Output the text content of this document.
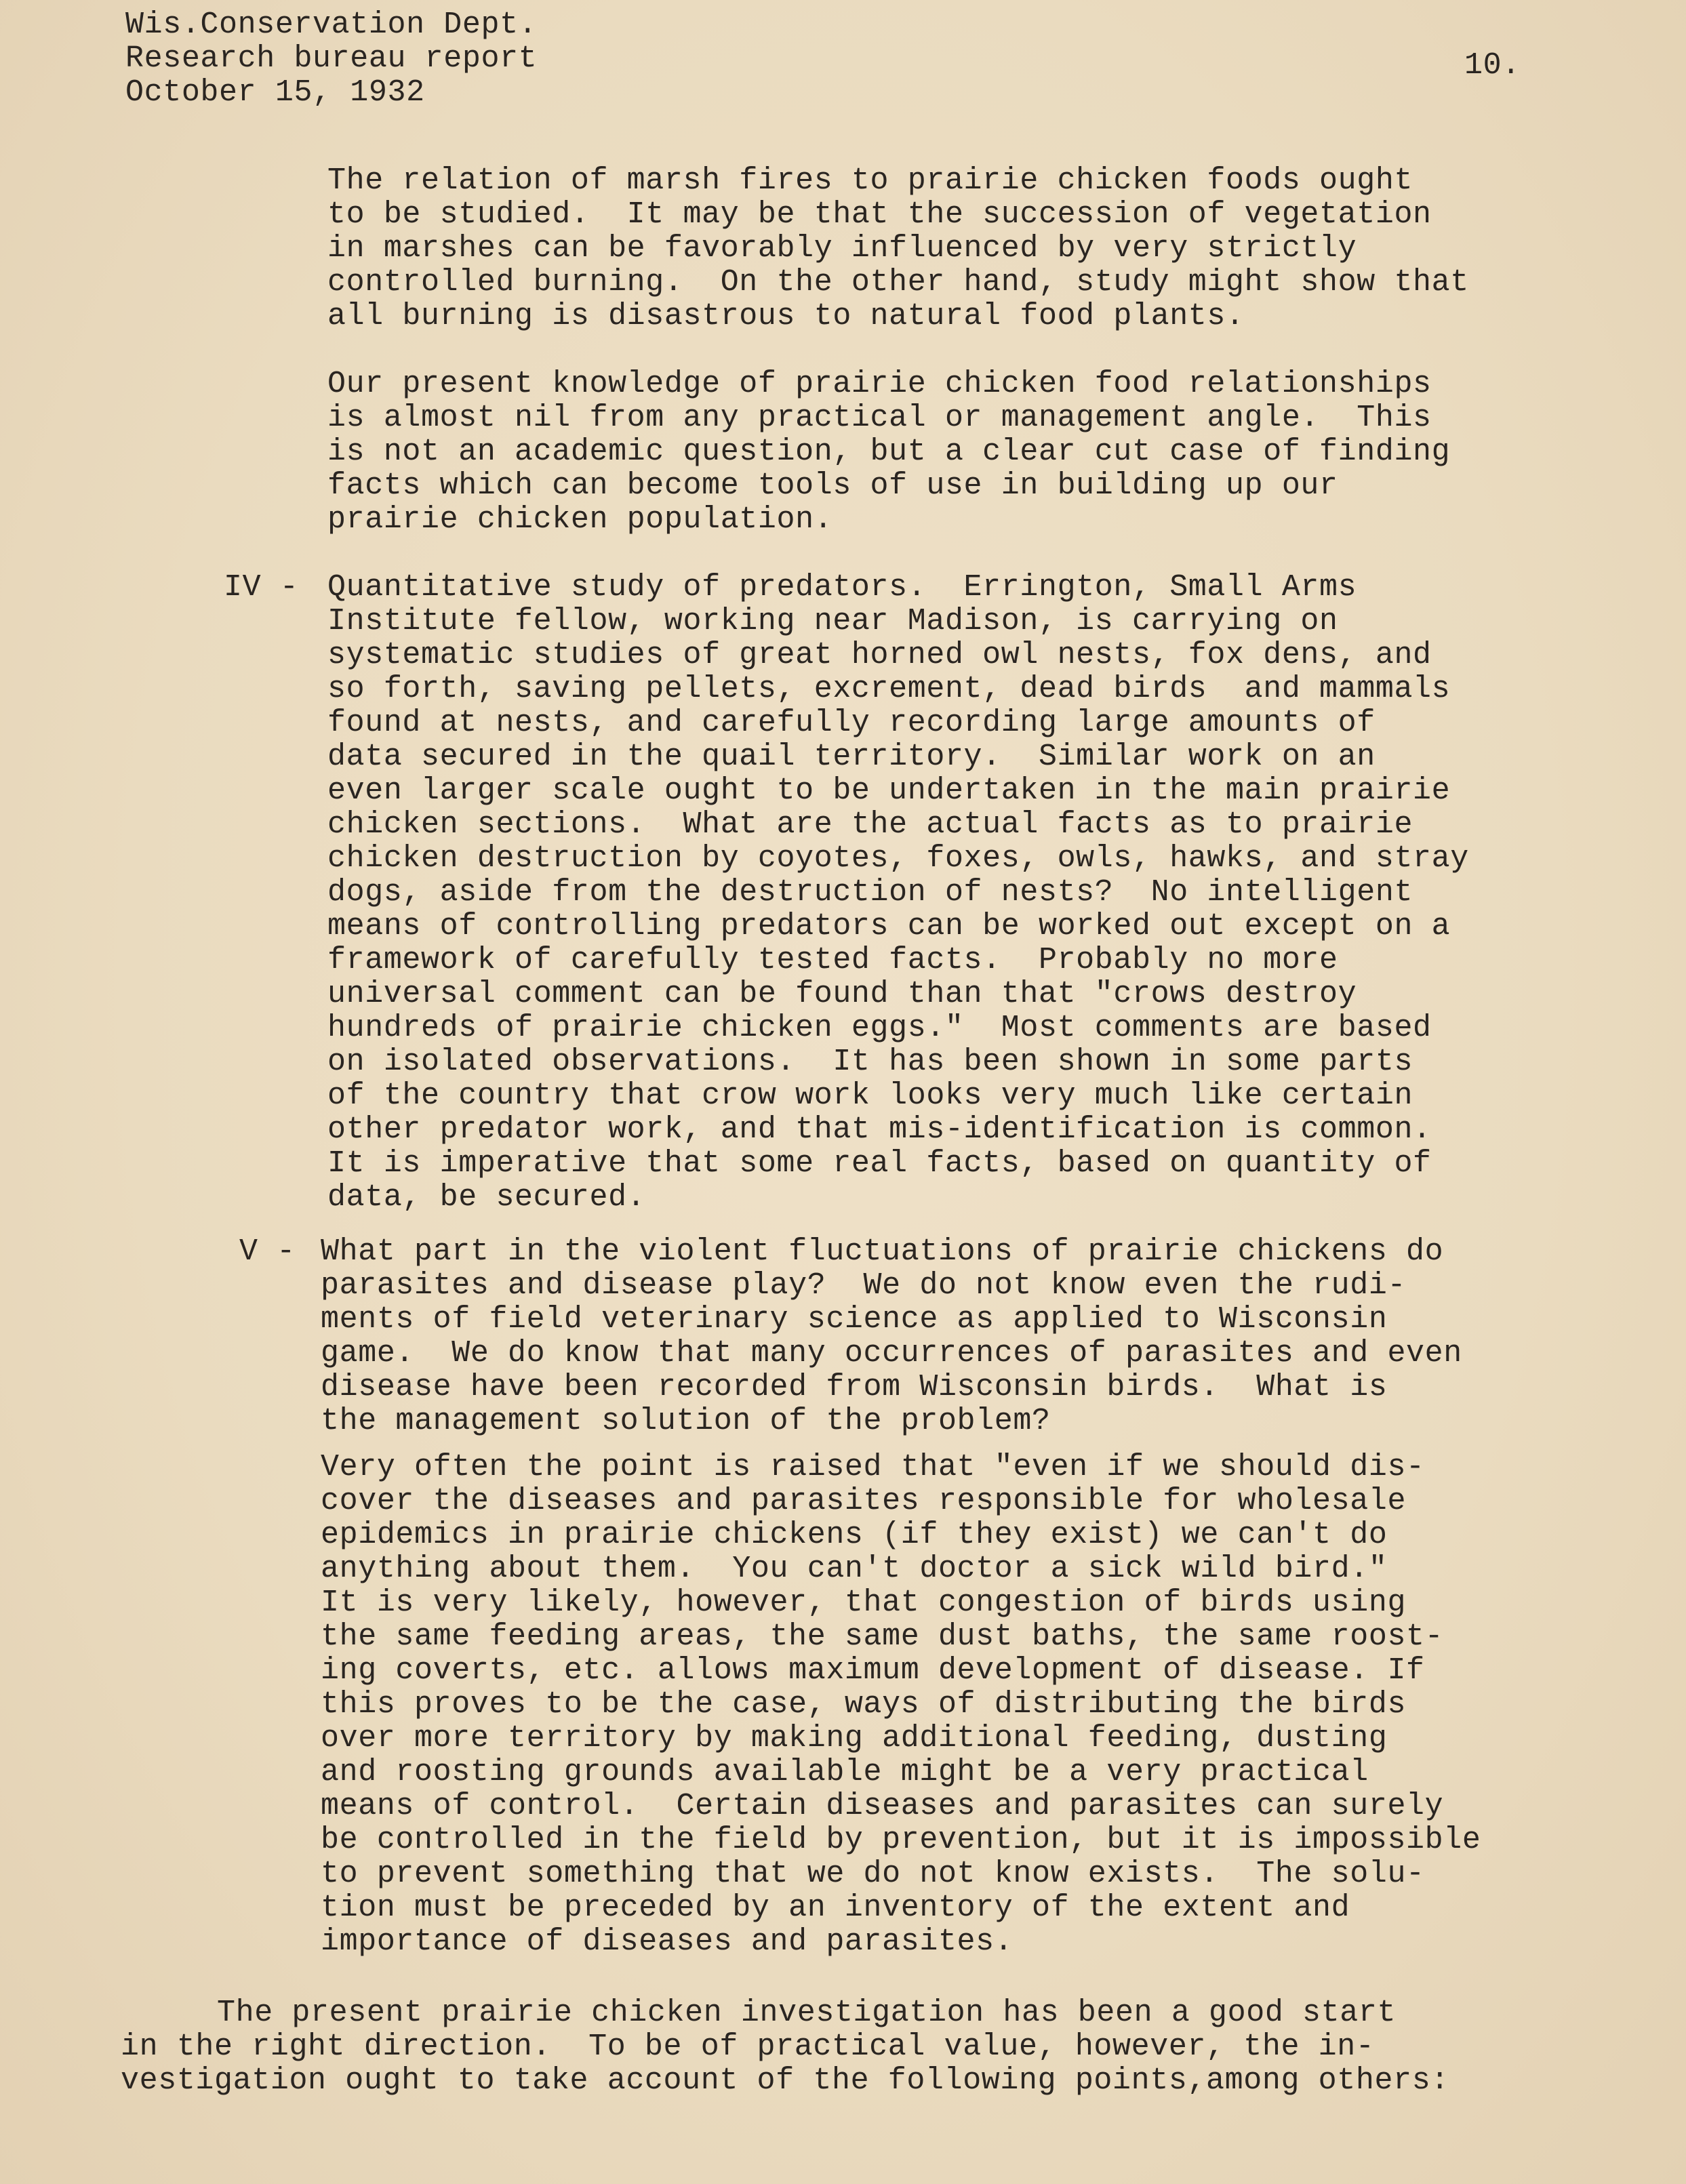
Wis.Conservation Dept.
Research bureau report
October 15, 1932
10.
The relation of marsh fires to prairie chicken foods ought
to be studied.  It may be that the succession of vegetation
in marshes can be favorably influenced by very strictly
controlled burning.  On the other hand, study might show that
all burning is disastrous to natural food plants.
Our present knowledge of prairie chicken food relationships
is almost nil from any practical or management angle.  This
is not an academic question, but a clear cut case of finding
facts which can become tools of use in building up our
prairie chicken population.
IV - Quantitative study of predators.  Errington, Small Arms
Institute fellow, working near Madison, is carrying on
systematic studies of great horned owl nests, fox dens, and
so forth, saving pellets, excrement, dead birds  and mammals
found at nests, and carefully recording large amounts of
data secured in the quail territory.  Similar work on an
even larger scale ought to be undertaken in the main prairie
chicken sections.  What are the actual facts as to prairie
chicken destruction by coyotes, foxes, owls, hawks, and stray
dogs, aside from the destruction of nests?  No intelligent
means of controlling predators can be worked out except on a
framework of carefully tested facts.  Probably no more
universal comment can be found than that "crows destroy
hundreds of prairie chicken eggs."  Most comments are based
on isolated observations.  It has been shown in some parts
of the country that crow work looks very much like certain
other predator work, and that mis-identification is common.
It is imperative that some real facts, based on quantity of
data, be secured.
V - What part in the violent fluctuations of prairie chickens do
parasites and disease play?  We do not know even the rudi-
ments of field veterinary science as applied to Wisconsin
game.  We do know that many occurrences of parasites and even
disease have been recorded from Wisconsin birds.  What is
the management solution of the problem?
Very often the point is raised that "even if we should dis-
cover the diseases and parasites responsible for wholesale
epidemics in prairie chickens (if they exist) we can't do
anything about them.  You can't doctor a sick wild bird."
It is very likely, however, that congestion of birds using
the same feeding areas, the same dust baths, the same roost-
ing coverts, etc. allows maximum development of disease. If
this proves to be the case, ways of distributing the birds
over more territory by making additional feeding, dusting
and roosting grounds available might be a very practical
means of control.  Certain diseases and parasites can surely
be controlled in the field by prevention, but it is impossible
to prevent something that we do not know exists.  The solu-
tion must be preceded by an inventory of the extent and
importance of diseases and parasites.
The present prairie chicken investigation has been a good start
in the right direction.  To be of practical value, however, the in-
vestigation ought to take account of the following points,among others:
